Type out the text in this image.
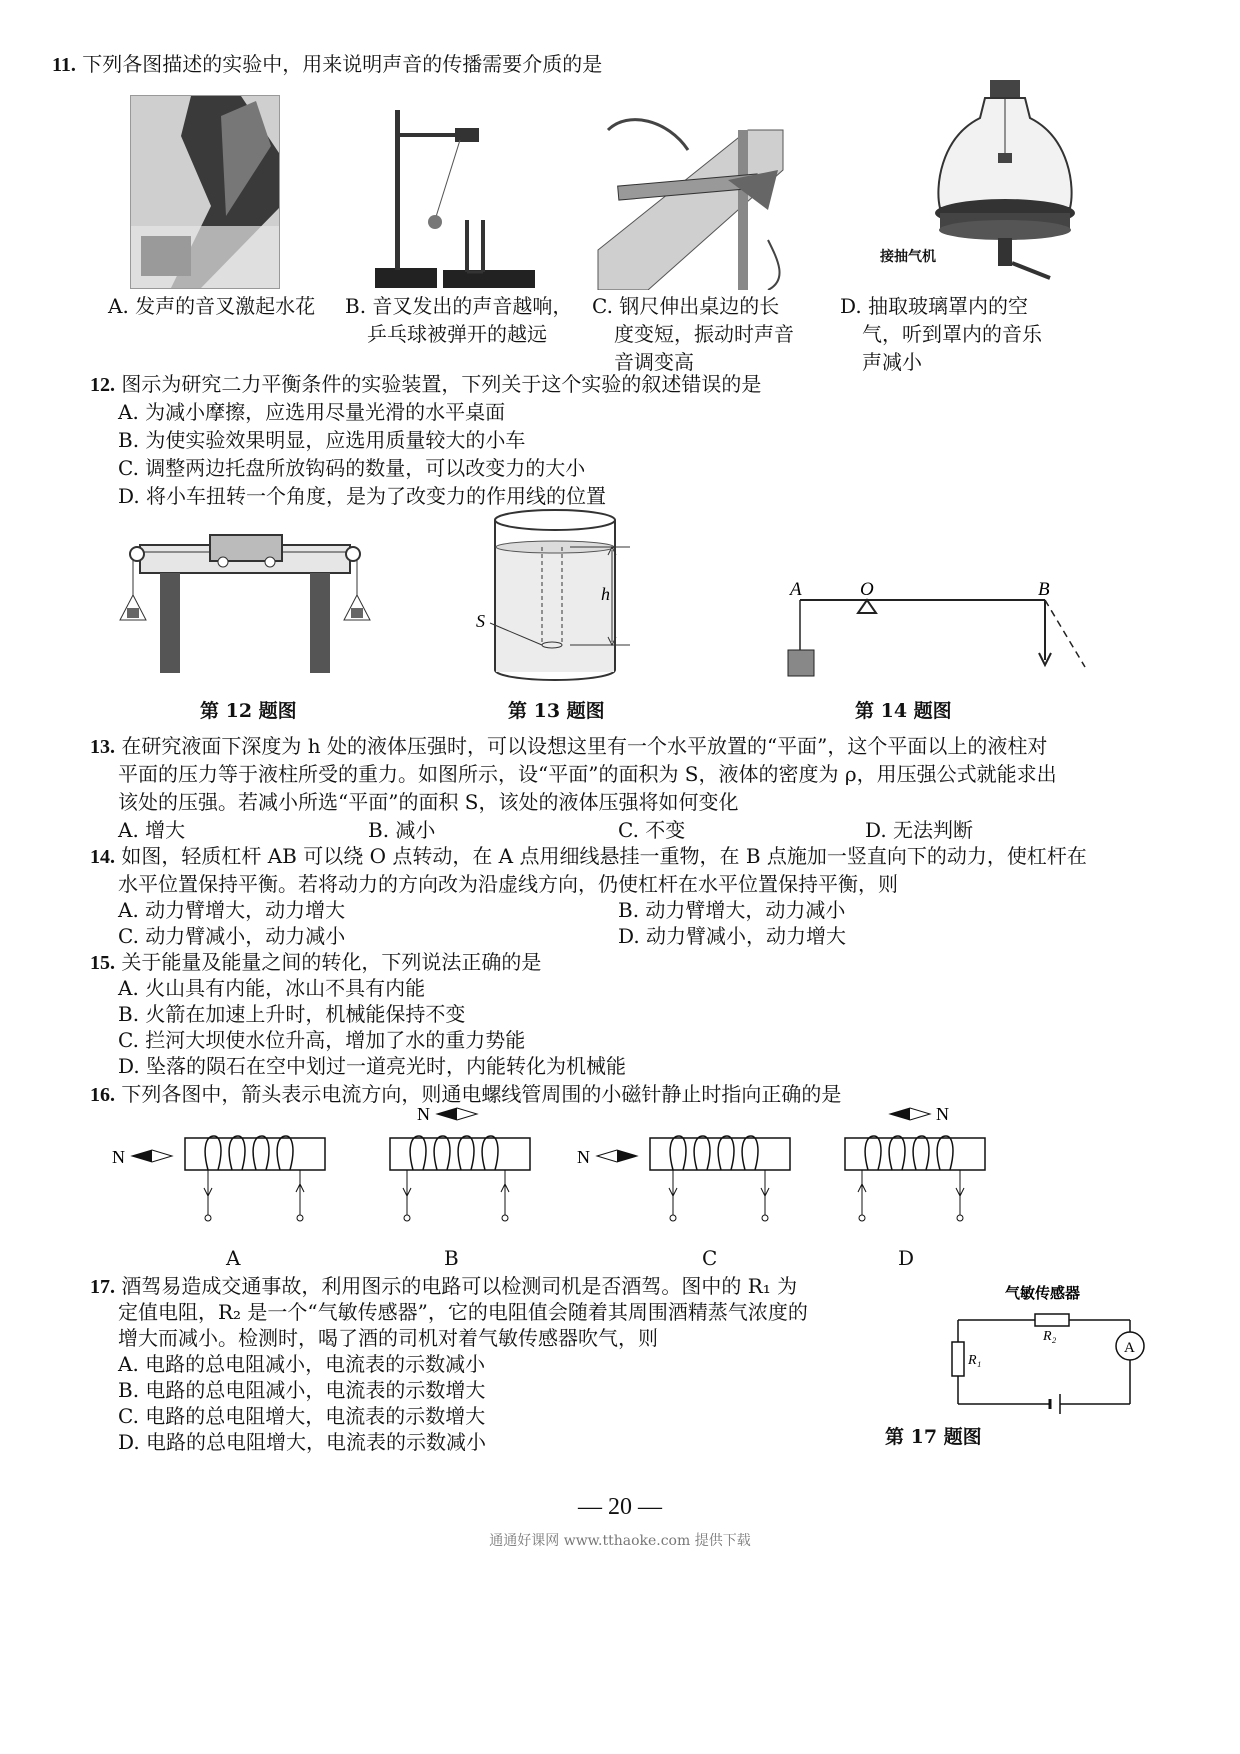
11. 下列各图描述的实验中，用来说明声音的传播需要介质的是
接抽气机
A. 发声的音叉激起水花 B. 音叉发出的声音越响，
乒乓球被弹开的越远
C. 钢尺伸出桌边的长
度变短，振动时声音
音调变高
D. 抽取玻璃罩内的空
气，听到罩内的音乐
声减小
12. 图示为研究二力平衡条件的实验装置，下列关于这个实验的叙述错误的是
A. 为减小摩擦，应选用尽量光滑的水平桌面
B. 为使实验效果明显，应选用质量较大的小车
C. 调整两边托盘所放钩码的数量，可以改变力的大小
D. 将小车扭转一个角度，是为了改变力的作用线的位置
第 12 题图
h
S
第 13 题图
A	O	B
第 14 题图
13. 在研究液面下深度为 h 处的液体压强时，可以设想这里有一个水平放置的“平面”，这个平面以上的液柱对
平面的压力等于液柱所受的重力。如图所示，设“平面”的面积为 S，液体的密度为 ρ，用压强公式就能求出
该处的压强。若减小所选“平面”的面积 S，该处的液体压强将如何变化
A. 增大	B. 减小	C. 不变	D. 无法判断
14. 如图，轻质杠杆 AB 可以绕 O 点转动，在 A 点用细线悬挂一重物，在 B 点施加一竖直向下的动力，使杠杆在
水平位置保持平衡。若将动力的方向改为沿虚线方向，仍使杠杆在水平位置保持平衡，则
A. 动力臂增大，动力增大	B. 动力臂增大，动力减小
C. 动力臂减小，动力减小	D. 动力臂减小，动力增大
15. 关于能量及能量之间的转化，下列说法正确的是
A. 火山具有内能，冰山不具有内能
B. 火箭在加速上升时，机械能保持不变
C. 拦河大坝使水位升高，增加了水的重力势能
D. 坠落的陨石在空中划过一道亮光时，内能转化为机械能
16. 下列各图中，箭头表示电流方向，则通电螺线管周围的小磁针静止时指向正确的是
N
N
N
N
A	B	C	D
17. 酒驾易造成交通事故，利用图示的电路可以检测司机是否酒驾。图中的 R₁ 为
定值电阻，R₂ 是一个“气敏传感器”，它的电阻值会随着其周围酒精蒸气浓度的
增大而减小。检测时，喝了酒的司机对着气敏传感器吹气，则
A. 电路的总电阻减小，电流表的示数减小
B. 电路的总电阻减小，电流表的示数增大
C. 电路的总电阻增大，电流表的示数增大
D. 电路的总电阻增大，电流表的示数减小
气敏传感器
R₂
A
R₁
第 17 题图
— 20 —
通通好课网 www.tthaoke.com 提供下载
